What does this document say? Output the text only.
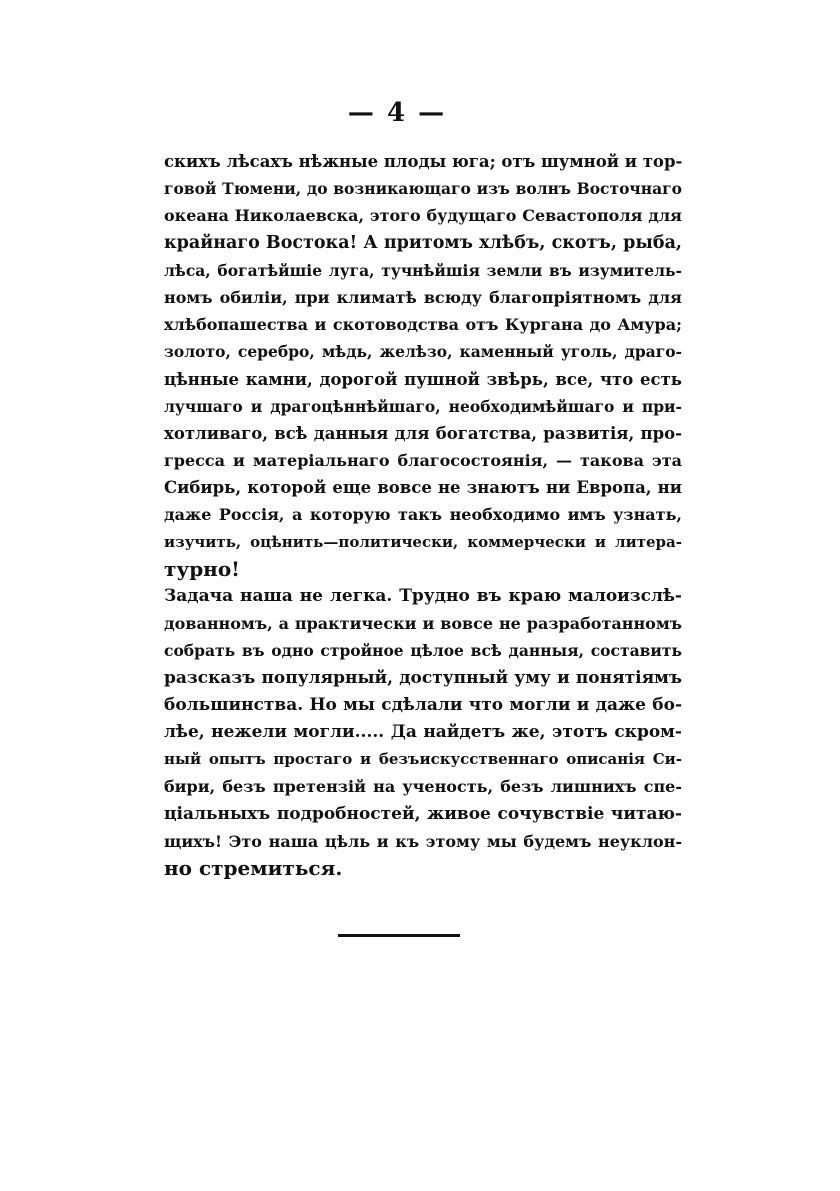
— 4 —
скихъ лѣсахъ нѣжные плоды юга; отъ шумной и тор-
говой Тюмени, до возникающаго изъ волнъ Восточнаго
океана Николаевска, этого будущаго Севастополя для
крайнаго Востока! А притомъ хлѣбъ, скотъ, рыба,
лѣса, богатѣйшіе луга, тучнѣйшія земли въ изумитель-
номъ обиліи, при климатѣ всюду благопріятномъ для
хлѣбопашества и скотоводства отъ Кургана до Амура;
золото, серебро, мѣдь, желѣзо, каменный уголь, драго-
цѣнные камни, дорогой пушной звѣрь, все, что есть
лучшаго и драгоцѣннѣйшаго, необходимѣйшаго и при-
хотливаго, всѣ данныя для богатства, развитія, про-
гресса и матеріальнаго благосостоянія, — такова эта
Сибирь, которой еще вовсе не знаютъ ни Европа, ни
даже Россія, а которую такъ необходимо имъ узнать,
изучить, оцѣнить—политически, коммерчески и литера-
турно!
Задача наша не легка. Трудно въ краю малоизслѣ-
дованномъ, а практически и вовсе не разработанномъ
собрать въ одно стройное цѣлое всѣ данныя, составить
разсказъ популярный, доступный уму и понятіямъ
большинства. Но мы сдѣлали что могли и даже бо-
лѣе, нежели могли..... Да найдетъ же, этотъ скром-
ный опытъ простаго и безъискусственнаго описанія Си-
бири, безъ претензій на ученость, безъ лишнихъ спе-
ціальныхъ подробностей, живое сочувствіе читаю-
щихъ! Это наша цѣль и къ этому мы будемъ неуклон-
но стремиться.
